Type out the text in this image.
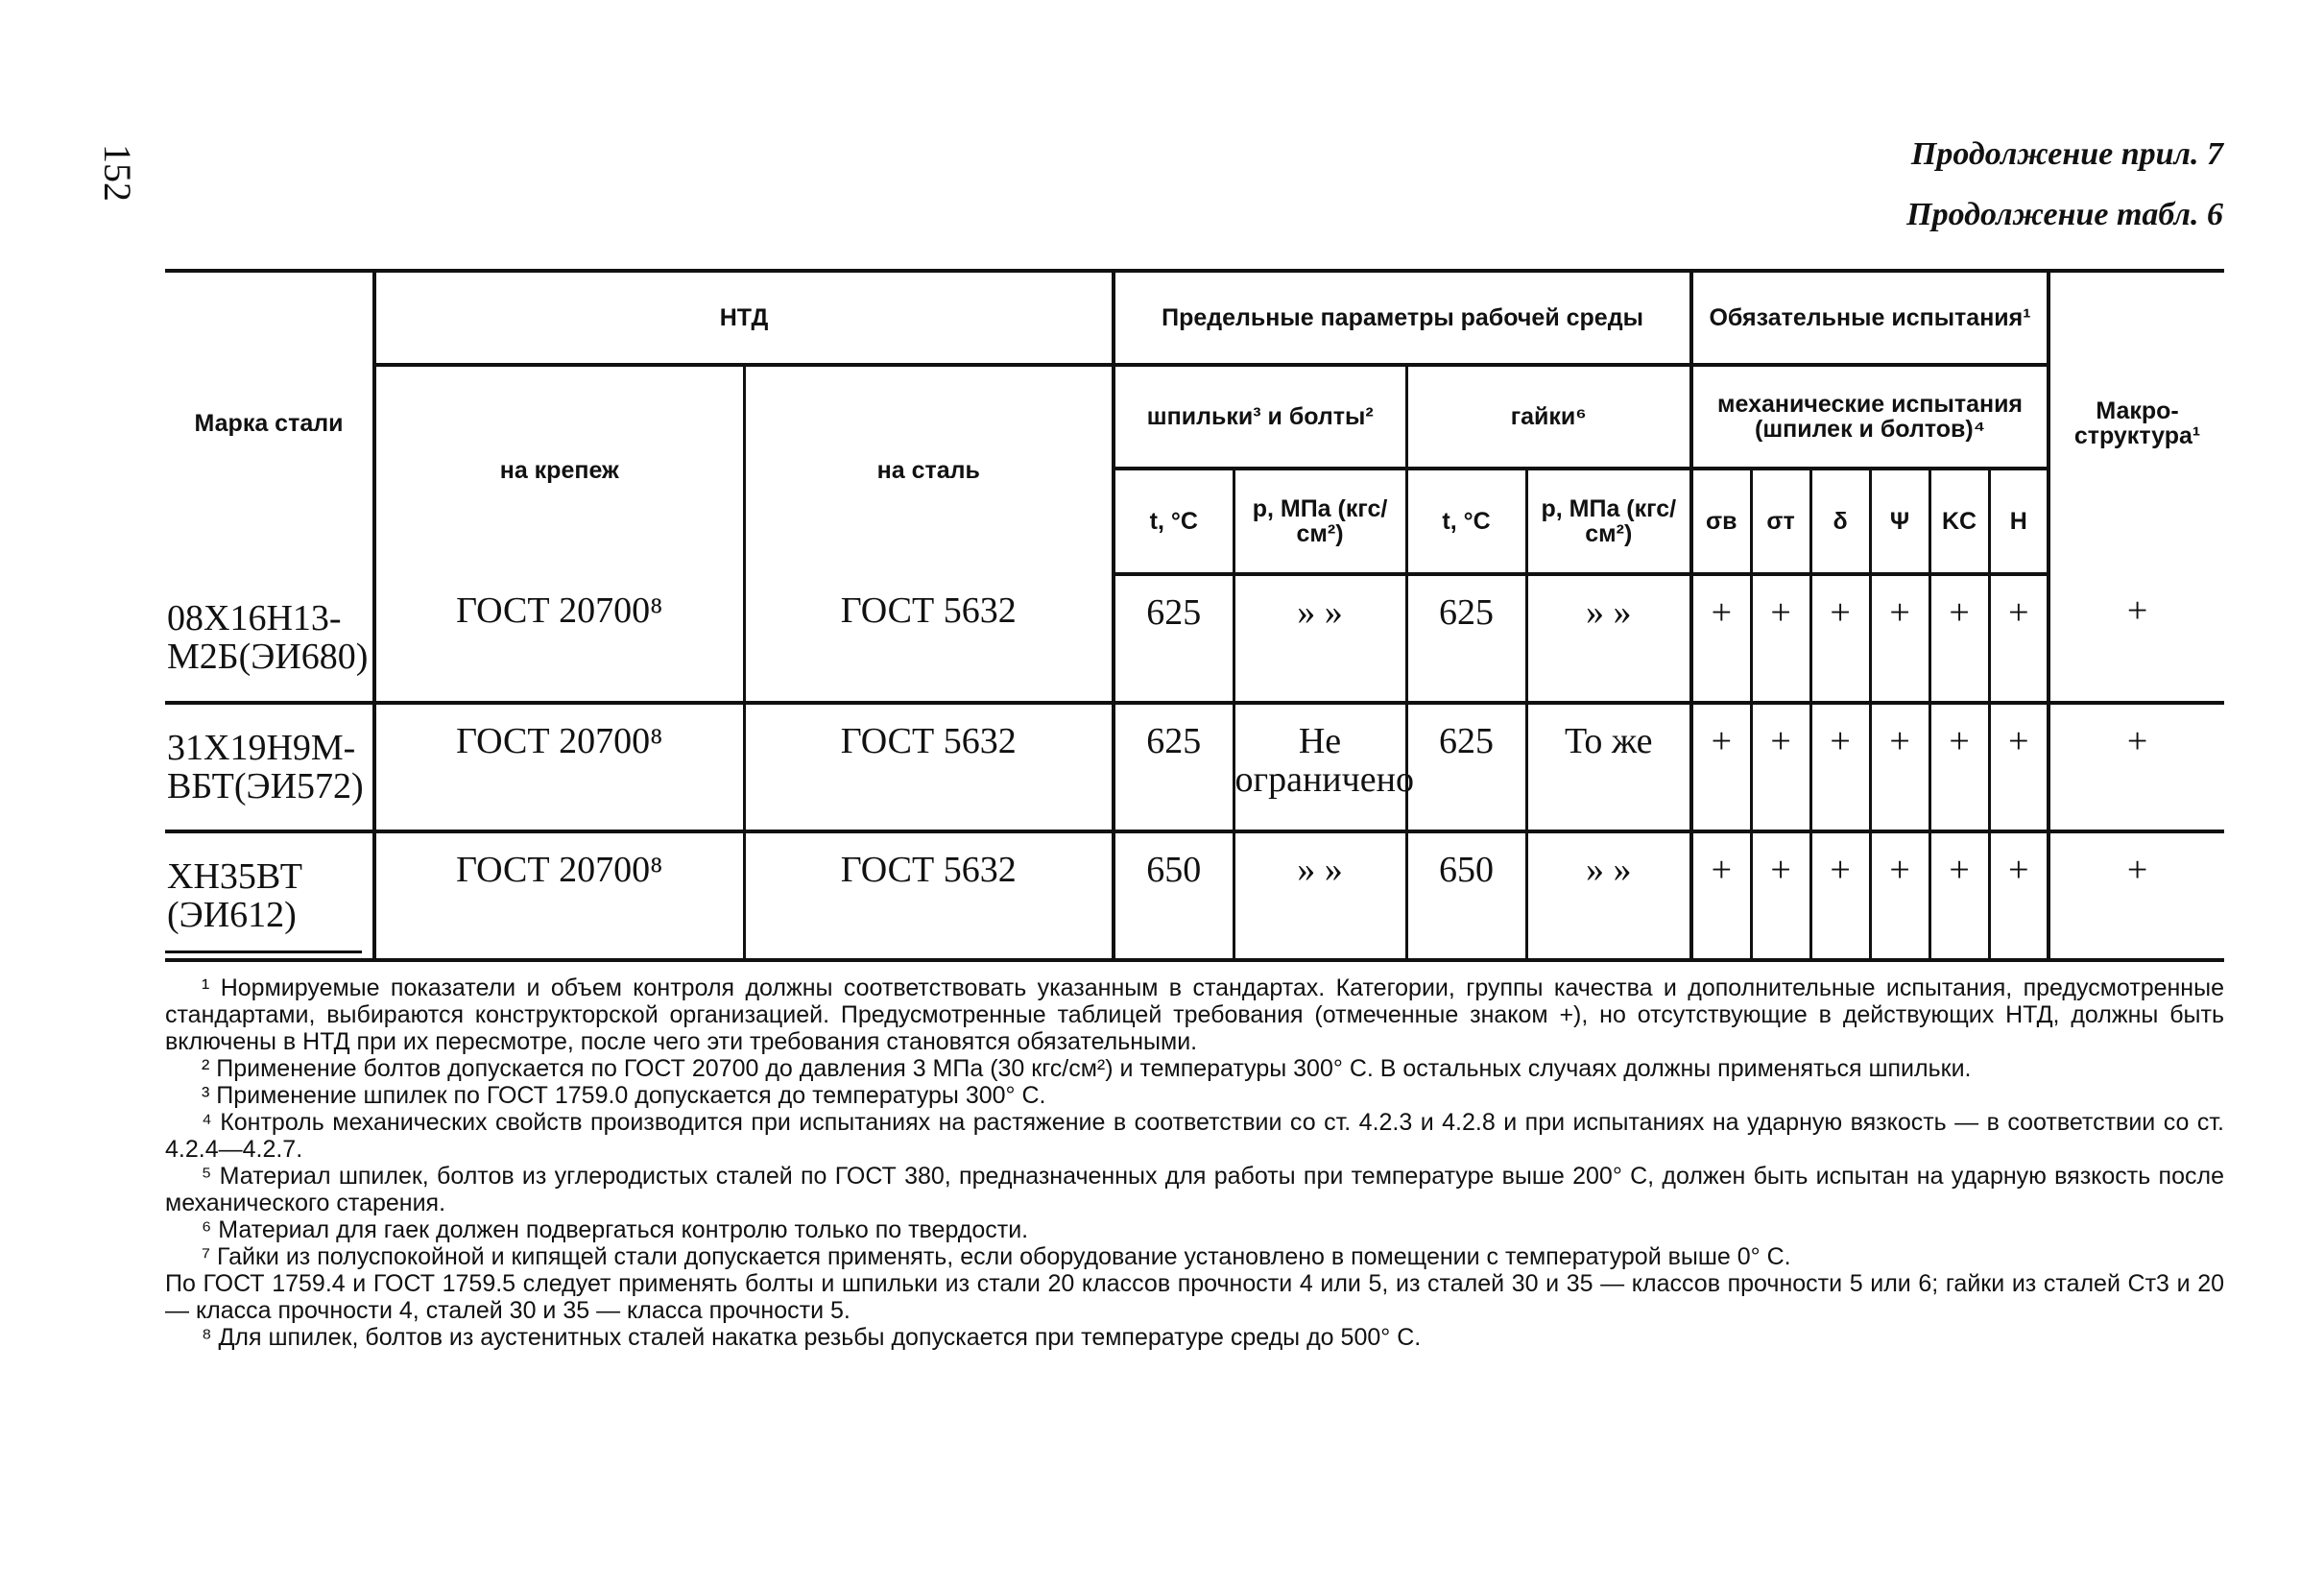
152	Продолжение прил. 7
Продолжение табл. 6
Марка стали	НТД		Предельные параметры рабочей среды				Обязательные испытания¹						Макро-структура¹
	на крепеж	на сталь	шпильки³ и болты²		гайки⁶		механические испытания (шпилек и болтов)⁴						
			t, °C	p, МПа (кгс/см²)	t, °C	p, МПа (кгс/см²)	σв	σт	δ	Ψ	KC	H	
08Х16Н13-М2Б(ЭИ680)	ГОСТ 20700⁸	ГОСТ 5632	625	» »	625	» »	+	+	+	+	+	+	+
31Х19Н9М-ВБТ(ЭИ572)	ГОСТ 20700⁸	ГОСТ 5632	625	Не ограничено	625	То же	+	+	+	+	+	+	+
ХН35ВТ (ЭИ612)	ГОСТ 20700⁸	ГОСТ 5632	650	» »	650	» »	+	+	+	+	+	+	+

¹ Нормируемые показатели и объем контроля должны соответствовать указанным в стандартах. Категории, группы качества и дополнительные испытания, предусмотренные стандартами, выбираются конструкторской организацией. Предусмотренные таблицей требования (отмеченные знаком +), но отсутствующие в действующих НТД, должны быть включены в НТД при их пересмотре, после чего эти требования становятся обязательными.

² Применение болтов допускается по ГОСТ 20700 до давления 3 МПа (30 кгс/см²) и температуры 300° С. В остальных случаях должны применяться шпильки.

³ Применение шпилек по ГОСТ 1759.0 допускается до температуры 300° С.

⁴ Контроль механических свойств производится при испытаниях на растяжение в соответствии со ст. 4.2.3 и 4.2.8 и при испытаниях на ударную вязкость — в соответствии со ст. 4.2.4—4.2.7.

⁵ Материал шпилек, болтов из углеродистых сталей по ГОСТ 380, предназначенных для работы при температуре выше 200° С, должен быть испытан на ударную вязкость после механического старения.

⁶ Материал для гаек должен подвергаться контролю только по твердости.

⁷ Гайки из полуспокойной и кипящей стали допускается применять, если оборудование установлено в помещении с температурой выше 0° С.

По ГОСТ 1759.4 и ГОСТ 1759.5 следует применять болты и шпильки из стали 20 классов прочности 4 или 5, из сталей 30 и 35 — классов прочности 5 или 6; гайки из сталей Ст3 и 20 — класса прочности 4, сталей 30 и 35 — класса прочности 5.

⁸ Для шпилек, болтов из аустенитных сталей накатка резьбы допускается при температуре среды до 500° С.
